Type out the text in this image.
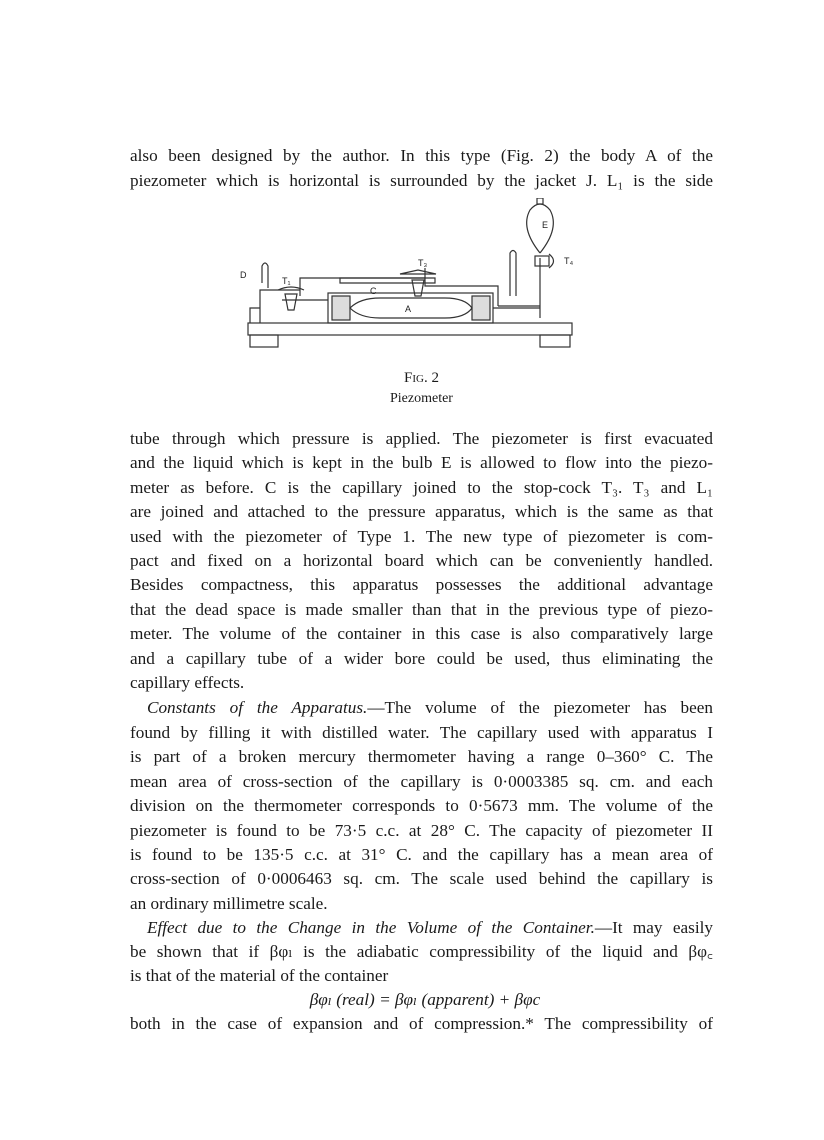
also been designed by the author. In this type (Fig. 2) the body A of the
piezometer which is horizontal is surrounded by the jacket J. L₁ is the side
D
T₁
C
T₃
A
E
T₄
Fig. 2
Piezometer
tube through which pressure is applied. The piezometer is first evacuated
and the liquid which is kept in the bulb E is allowed to flow into the piezo-
meter as before. C is the capillary joined to the stop-cock T₃. T₃ and L₁
are joined and attached to the pressure apparatus, which is the same as that
used with the piezometer of Type 1. The new type of piezometer is com-
pact and fixed on a horizontal board which can be conveniently handled.
Besides compactness, this apparatus possesses the additional advantage
that the dead space is made smaller than that in the previous type of piezo-
meter. The volume of the container in this case is also comparatively large
and a capillary tube of a wider bore could be used, thus eliminating the
capillary effects.
Constants of the Apparatus.—The volume of the piezometer has been
found by filling it with distilled water. The capillary used with apparatus I
is part of a broken mercury thermometer having a range 0–360° C. The
mean area of cross-section of the capillary is 0·0003385 sq. cm. and each
division on the thermometer corresponds to 0·5673 mm. The volume of the
piezometer is found to be 73·5 c.c. at 28° C. The capacity of piezometer II
is found to be 135·5 c.c. at 31° C. and the capillary has a mean area of
cross-section of 0·0006463 sq. cm. The scale used behind the capillary is
an ordinary millimetre scale.
Effect due to the Change in the Volume of the Container.—It may easily
be shown that if βφₗ is the adiabatic compressibility of the liquid and βφ꜀
is that of the material of the container
βφₗ (real) = βφₗ (apparent) + βφc
both in the case of expansion and of compression.* The compressibility of
